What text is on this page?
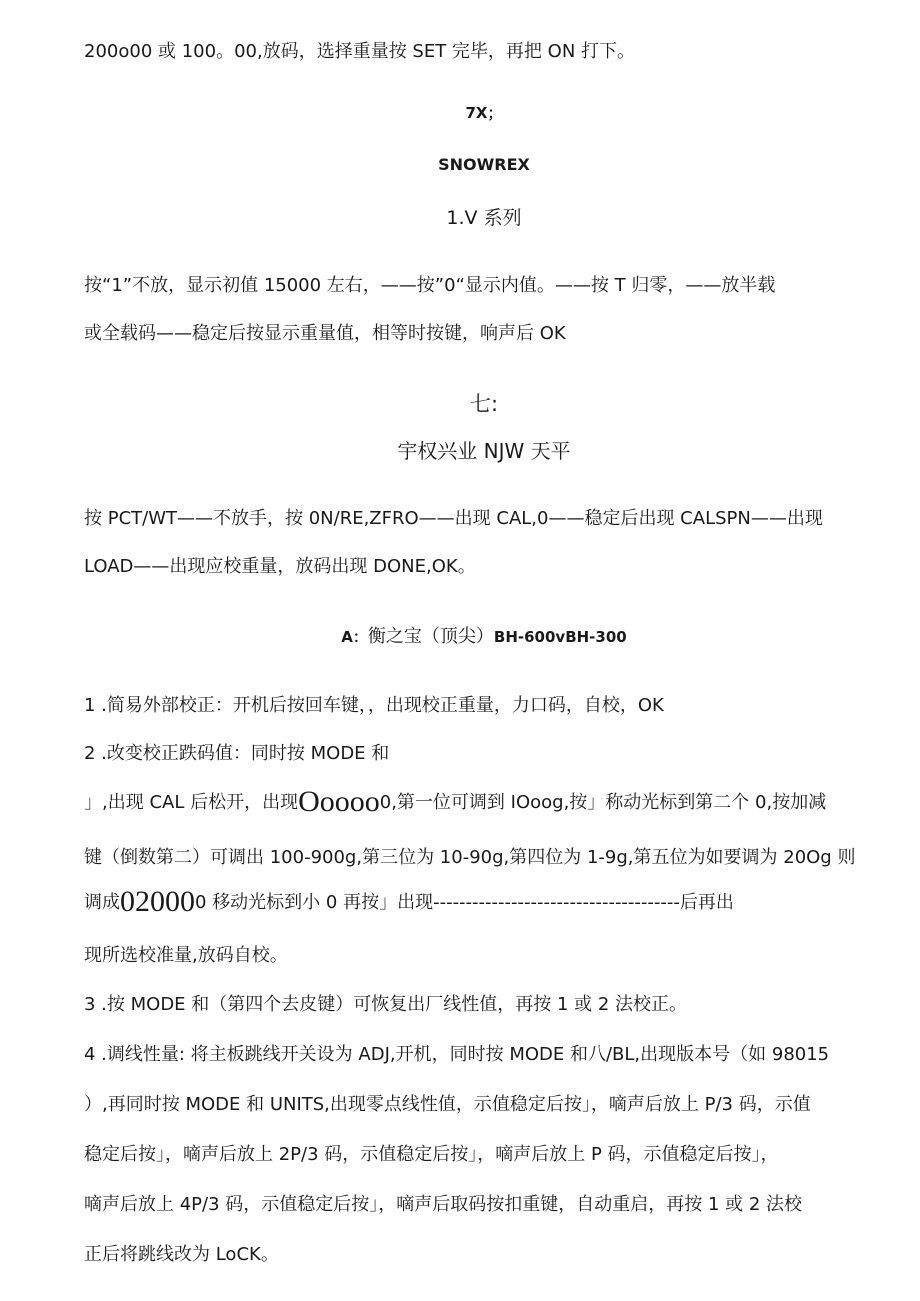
200o00 或 100。00,放码，选择重量按 SET 完毕，再把 ON 打下。
7X；
SNOWREX
1.V 系列
按“1”不放，显示初值 15000 左右，——按”0“显示内值。——按 T 归零，——放半载
或全载码——稳定后按显示重量值，相等时按键，响声后 OK
七:
宇权兴业 NJW 天平
按 PCT/WT——不放手，按 0N/RE,ZFRO——出现 CAL,0——稳定后出现 CALSPN——出现
LOAD——出现应校重量，放码出现 DONE,OK。
A：衡之宝（顶尖）BH-600vBH-300
1 .简易外部校正：开机后按回车键，，出现校正重量，力口码，自校，OK
2 .改变校正跌码值：同时按 MODE 和
」,出现 CAL 后松开，出现Ooooo0,第一位可调到 IOoog,按」称动光标到第二个 0,按加减
键（倒数第二）可调出 100-900g,第三位为 10-90g,第四位为 1-9g,第五位为如要调为 20Og 则
调成020000 移动光标到小 0 再按」出现--------------------------------------后再出
现所选校准量,放码自校。
3 .按 MODE 和（第四个去皮键）可恢复出厂线性值，再按 1 或 2 法校正。
4 .调线性量: 将主板跳线开关设为 ADJ,开机，同时按 MODE 和八/BL,出现版本号（如 98015
）,再同时按 MODE 和 UNITS,出现零点线性值，示值稳定后按」，嘀声后放上 P/3 码，示值
稳定后按」，嘀声后放上 2P/3 码，示值稳定后按」，嘀声后放上 P 码，示值稳定后按」，
嘀声后放上 4P/3 码，示值稳定后按」，嘀声后取码按扣重键，自动重启，再按 1 或 2 法校
正后将跳线改为 LoCK。
